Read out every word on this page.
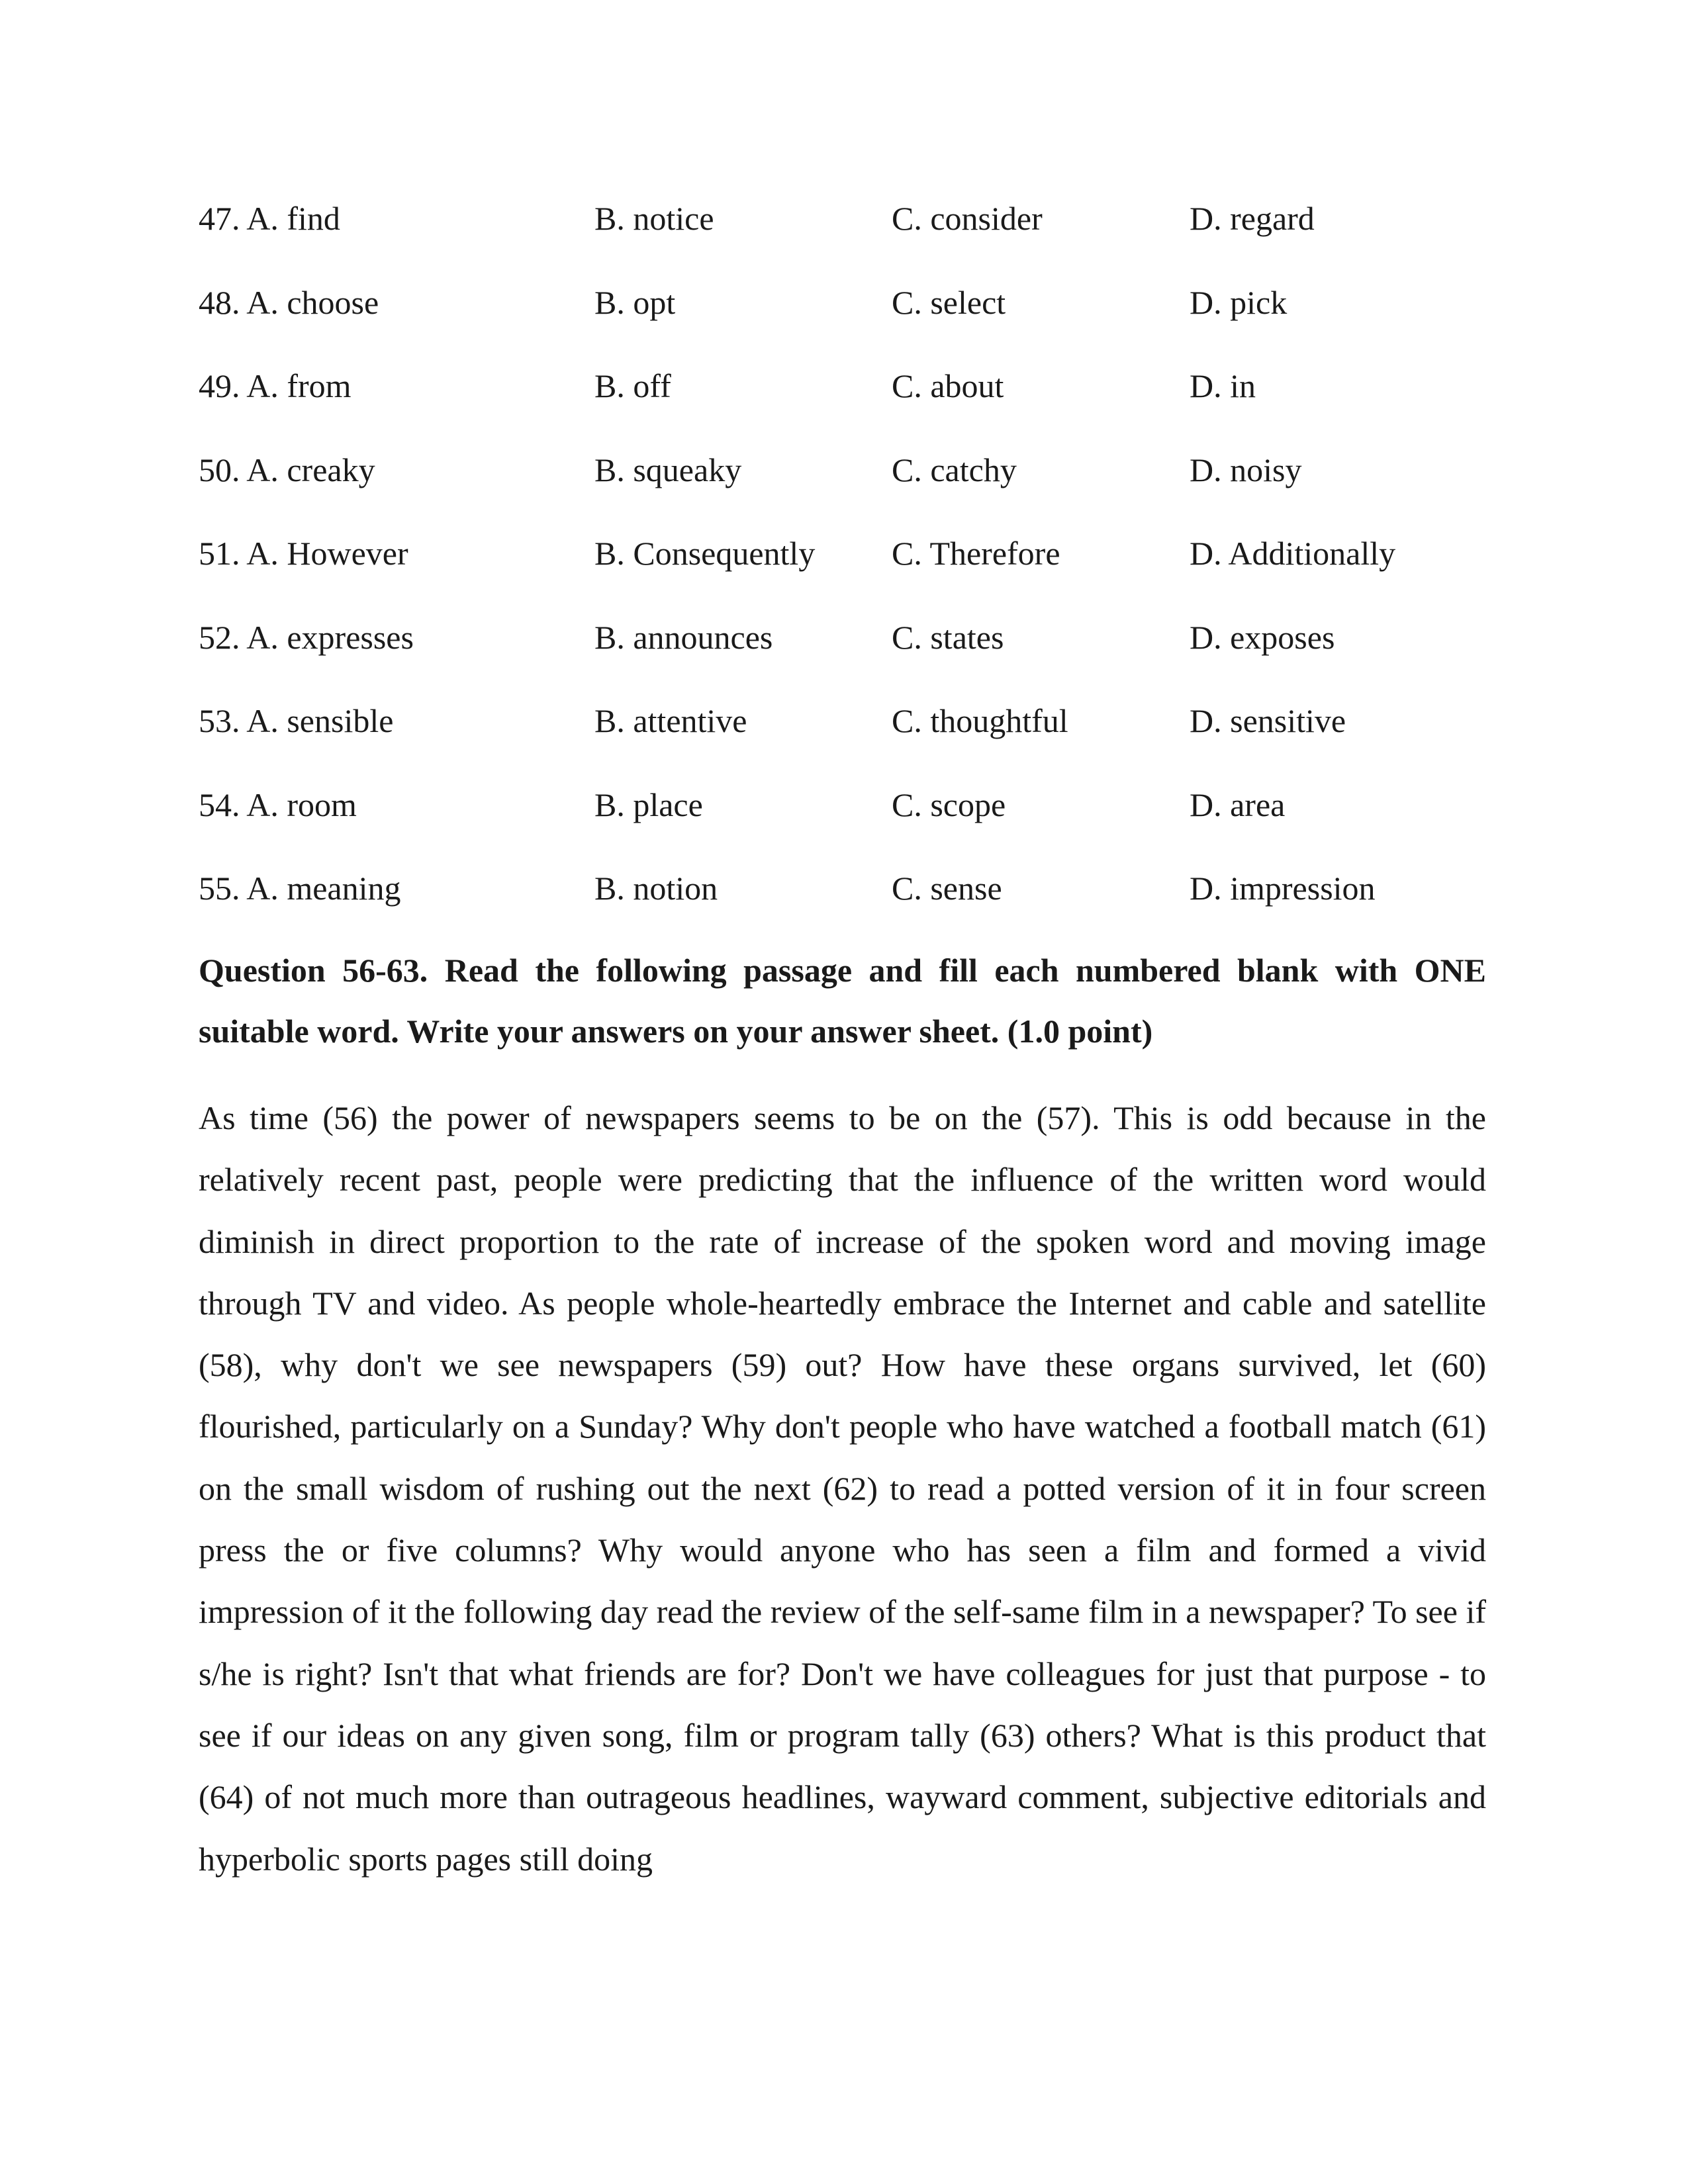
47. A. find	B. notice	C. consider	D. regard
48. A. choose	B. opt	C. select	D. pick
49. A. from	B. off	C. about	D. in
50. A. creaky	B. squeaky	C. catchy	D. noisy
51. A. However	B. Consequently C. Therefore	D. Additionally
52. A. expresses	B. announces	C. states	D. exposes
53. A. sensible	B. attentive	C. thoughtful	D. sensitive
54. A. room	B. place	C. scope	D. area
55. A. meaning	B. notion	C. sense	D. impression

Question 56-63. Read the following passage and fill each numbered blank with ONE suitable word. Write your answers on your answer sheet. (1.0 point)

As time (56) the power of newspapers seems to be on the (57). This is odd because in the relatively recent past, people were predicting that the influence of the written word would diminish in direct proportion to the rate of increase of the spoken word and moving image through TV and video. As people whole-heartedly embrace the Internet and cable and satellite (58), why don't we see newspapers (59) out? How have these organs survived, let (60) flourished, particularly on a Sunday? Why don't people who have watched a football match (61) on the small wisdom of rushing out the next (62) to read a potted version of it in four screen press the or five columns? Why would anyone who has seen a film and formed a vivid impression of it the following day read the review of the self-same film in a newspaper? To see if s/he is right? Isn't that what friends are for? Don't we have colleagues for just that purpose - to see if our ideas on any given song, film or program tally (63) others? What is this product that (64) of not much more than outrageous headlines, wayward comment, subjective editorials and hyperbolic sports pages still doing
